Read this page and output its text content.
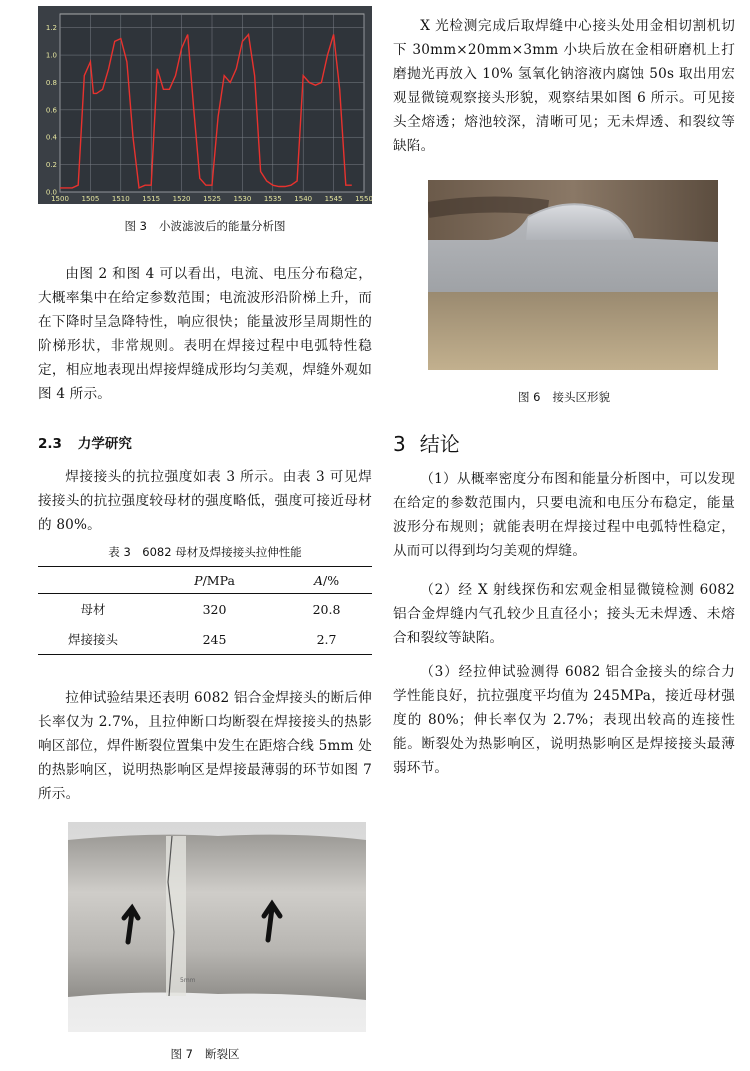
0.0
0.2
0.4
0.6
0.8
1.0
1.2
1500 1505 1510 1515 1520 1525 1530 1535 1540 1545 1550
图 3 小波滤波后的能量分析图

由图 2 和图 4 可以看出，电流、电压分布稳定，大概率集中在给定参数范围；电流波形沿阶梯上升，而在下降时呈急降特性，响应很快；能量波形呈周期性的阶梯形状，非常规则。表明在焊接过程中电弧特性稳定，相应地表现出焊接焊缝成形均匀美观，焊缝外观如图 4 所示。

2.3 力学研究

焊接接头的抗拉强度如表 3 所示。由表 3 可见焊接接头的抗拉强度较母材的强度略低，强度可接近母材的 80%。

表 3　6082 母材及焊接接头拉伸性能
	P/MPa	A/%
母材	320	20.8
焊接接头	245	2.7

拉伸试验结果还表明 6082 铝合金焊接头的断后伸长率仅为 2.7%，且拉伸断口均断裂在焊接接头的热影响区部位，焊件断裂位置集中发生在距熔合线 5mm 处的热影响区，说明热影响区是焊接最薄弱的环节如图 7 所示。

5mm
图 7 断裂区

X 光检测完成后取焊缝中心接头处用金相切割机切下 30mm×20mm×3mm 小块后放在金相研磨机上打磨抛光再放入 10% 氢氧化钠溶液内腐蚀 50s 取出用宏观显微镜观察接头形貌，观察结果如图 6 所示。可见接头全熔透；熔池较深，清晰可见；无未焊透、和裂纹等缺陷。

图 6 接头区形貌
3 结论

（1）从概率密度分布图和能量分析图中，可以发现在给定的参数范围内，只要电流和电压分布稳定，能量波形分布规则；就能表明在焊接过程中电弧特性稳定，从而可以得到均匀美观的焊缝。

（2）经 X 射线探伤和宏观金相显微镜检测 6082 铝合金焊缝内气孔较少且直径小；接头无未焊透、未熔合和裂纹等缺陷。

（3）经拉伸试验测得 6082 铝合金接头的综合力学性能良好，抗拉强度平均值为 245MPa，接近母材强度的 80%；伸长率仅为 2.7%；表现出较高的连接性能。断裂处为热影响区，说明热影响区是焊接接头最薄弱环节。
